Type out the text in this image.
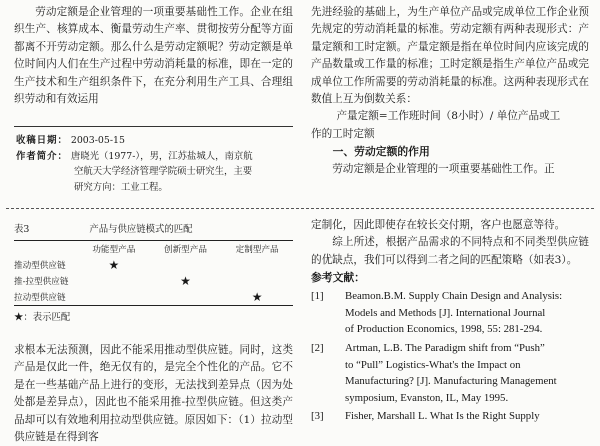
劳动定额是企业管理的一项重要基础性工作。企业在组织生产、核算成本、衡量劳动生产率、贯彻按劳分配等方面都离不开劳动定额。那么什么是劳动定额呢？劳动定额是单位时间内人们在生产过程中劳动消耗量的标准，即在一定的生产技术和生产组织条件下，在充分利用生产工具、合理组织劳动和有效运用

收稿日期： 2003-05-15
作者简介： 唐晓光（1977-），男，江苏盐城人，南京航
空航天大学经济管理学院硕士研究生，主要
研究方向：工业工程。

先进经验的基础上，为生产单位产品或完成单位工作企业预先规定的劳动消耗量的标准。劳动定额有两种表现形式：产量定额和工时定额。产量定额是指在单位时间内应该完成的产品数量或工作量的标准；工时定额是指生产单位产品或完成单位工作所需要的劳动消耗量的标准。这两种表现形式在数值上互为倒数关系：

产量定额=工作班时间（8小时）/ 单位产品或工

作的工时定额

一、劳动定额的作用

劳动定额是企业管理的一项重要基础性工作。正

表3	产品与供应链模式的匹配
	功能型产品	创新型产品	定制型产品
推动型供应链	★		
推-拉型供应链		★	
拉动型供应链			★
★：表示匹配

求根本无法预测，因此不能采用推动型供应链。同时，这类产品是仅此一件，绝无仅有的，是完全个性化的产品。它不是在一些基础产品上进行的变形，无法找到差异点（因为处处都是差异点），因此也不能采用推-拉型供应链。但这类产品却可以有效地利用拉动型供应链。原因如下：（1）拉动型供应链是在得到客

定制化，因此即使存在较长交付期，客户也愿意等待。

综上所述，根据产品需求的不同特点和不同类型供应链的优缺点，我们可以得到二者之间的匹配策略（如表3）。

参考文献：

[1] Beamon.B.M. Supply Chain Design and Analysis:

Models and Methods [J]. International Journal

of Production Economics, 1998, 55: 281-294.

[2] Artman, L.B. The Paradigm shift from “Push”

to “Pull” Logistics-What's the Impact on

Manufacturing? [J]. Manufacturing Management

symposium, Evanston, IL, May 1995.

[3] Fisher, Marshall L. What Is the Right Supply
